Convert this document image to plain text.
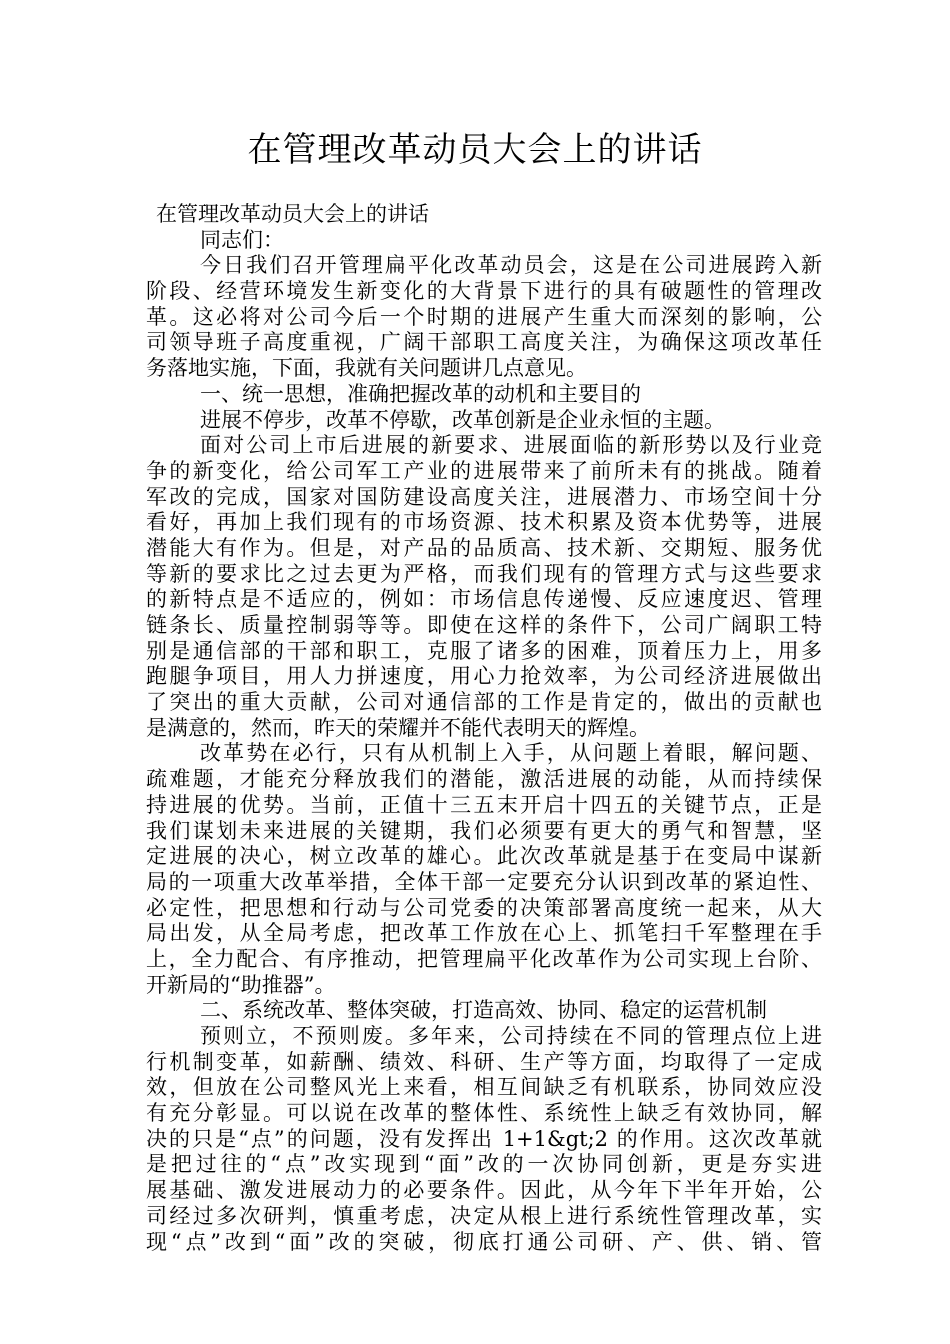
在管理改革动员大会上的讲话
在管理改革动员大会上的讲话
同志们：
今日我们召开管理扁平化改革动员会，这是在公司进展跨入新
阶段、经营环境发生新变化的大背景下进行的具有破题性的管理改
革。这必将对公司今后一个时期的进展产生重大而深刻的影响，公
司领导班子高度重视，广阔干部职工高度关注，为确保这项改革任
务落地实施，下面，我就有关问题讲几点意见。
一、统一思想，准确把握改革的动机和主要目的
进展不停步，改革不停歇，改革创新是企业永恒的主题。
面对公司上市后进展的新要求、进展面临的新形势以及行业竞
争的新变化，给公司军工产业的进展带来了前所未有的挑战。随着
军改的完成，国家对国防建设高度关注，进展潜力、市场空间十分
看好，再加上我们现有的市场资源、技术积累及资本优势等，进展
潜能大有作为。但是，对产品的品质高、技术新、交期短、服务优
等新的要求比之过去更为严格，而我们现有的管理方式与这些要求
的新特点是不适应的，例如：市场信息传递慢、反应速度迟、管理
链条长、质量控制弱等等。即使在这样的条件下，公司广阔职工特
别是通信部的干部和职工，克服了诸多的困难，顶着压力上，用多
跑腿争项目，用人力拼速度，用心力抢效率，为公司经济进展做出
了突出的重大贡献，公司对通信部的工作是肯定的，做出的贡献也
是满意的，然而，昨天的荣耀并不能代表明天的辉煌。
改革势在必行，只有从机制上入手，从问题上着眼，解问题、
疏难题，才能充分释放我们的潜能，激活进展的动能，从而持续保
持进展的优势。当前，正值十三五末开启十四五的关键节点，正是
我们谋划未来进展的关键期，我们必须要有更大的勇气和智慧，坚
定进展的决心，树立改革的雄心。此次改革就是基于在变局中谋新
局的一项重大改革举措，全体干部一定要充分认识到改革的紧迫性、
必定性，把思想和行动与公司党委的决策部署高度统一起来，从大
局出发，从全局考虑，把改革工作放在心上、抓笔扫千军整理在手
上，全力配合、有序推动，把管理扁平化改革作为公司实现上台阶、
开新局的“助推器”。
二、系统改革、整体突破，打造高效、协同、稳定的运营机制
预则立，不预则废。多年来，公司持续在不同的管理点位上进
行机制变革，如薪酬、绩效、科研、生产等方面，均取得了一定成
效，但放在公司整风光上来看，相互间缺乏有机联系，协同效应没
有充分彰显。可以说在改革的整体性、系统性上缺乏有效协同，解
决的只是“点”的问题，没有发挥出 1+1&gt;2 的作用。这次改革就
是把过往的“点”改实现到“面”改的一次协同创新，更是夯实进
展基础、激发进展动力的必要条件。因此，从今年下半年开始，公
司经过多次研判，慎重考虑，决定从根上进行系统性管理改革，实
现“点”改到“面”改的突破，彻底打通公司研、产、供、销、管
